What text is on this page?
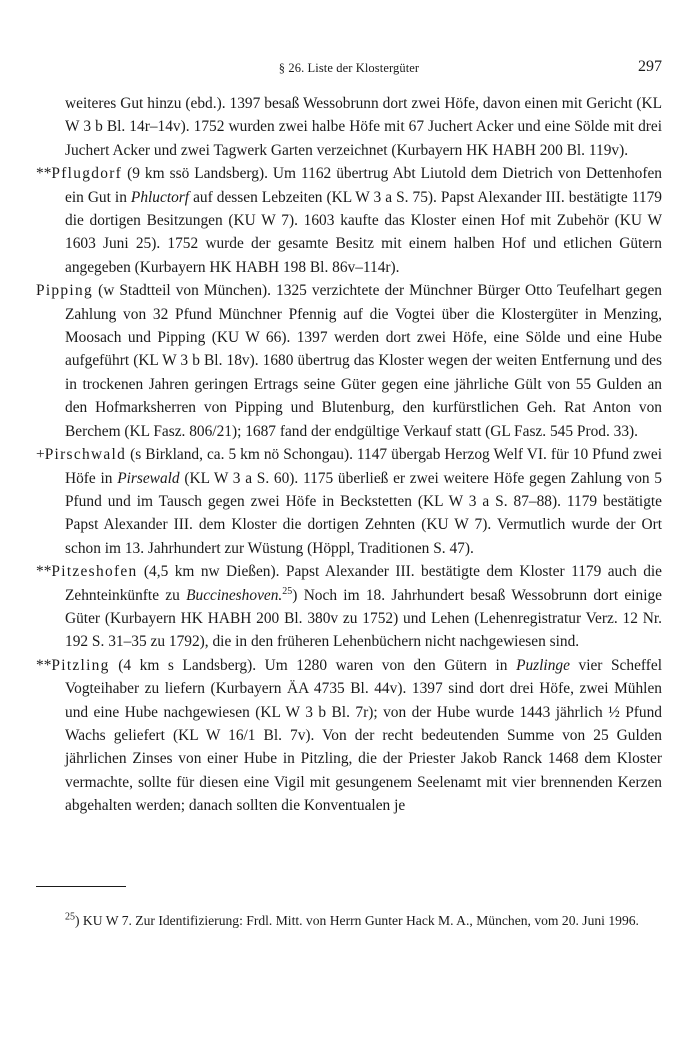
§ 26. Liste der Klostergüter	297

weiteres Gut hinzu (ebd.). 1397 besaß Wessobrunn dort zwei Höfe, davon einen mit Gericht (KL W 3 b Bl. 14r–14v). 1752 wurden zwei halbe Höfe mit 67 Juchert Acker und eine Sölde mit drei Juchert Acker und zwei Tagwerk Garten verzeichnet (Kurbayern HK HABH 200 Bl. 119v).

**Pflugdorf (9 km ssö Landsberg). Um 1162 übertrug Abt Liutold dem Dietrich von Dettenhofen ein Gut in Phluctorf auf dessen Lebzeiten (KL W 3 a S. 75). Papst Alexander III. bestätigte 1179 die dortigen Besitzungen (KU W 7). 1603 kaufte das Kloster einen Hof mit Zubehör (KU W 1603 Juni 25). 1752 wurde der gesamte Besitz mit einem halben Hof und etlichen Gütern angegeben (Kurbayern HK HABH 198 Bl. 86v–114r).

Pipping (w Stadtteil von München). 1325 verzichtete der Münchner Bürger Otto Teufelhart gegen Zahlung von 32 Pfund Münchner Pfennig auf die Vogtei über die Klostergüter in Menzing, Moosach und Pipping (KU W 66). 1397 werden dort zwei Höfe, eine Sölde und eine Hube aufgeführt (KL W 3 b Bl. 18v). 1680 übertrug das Kloster wegen der weiten Entfernung und des in trockenen Jahren geringen Ertrags seine Güter gegen eine jährliche Gült von 55 Gulden an den Hofmarksherren von Pipping und Blutenburg, den kurfürstlichen Geh. Rat Anton von Berchem (KL Fasz. 806/21); 1687 fand der endgültige Verkauf statt (GL Fasz. 545 Prod. 33).

+Pirschwald (s Birkland, ca. 5 km nö Schongau). 1147 übergab Herzog Welf VI. für 10 Pfund zwei Höfe in Pirsewald (KL W 3 a S. 60). 1175 überließ er zwei weitere Höfe gegen Zahlung von 5 Pfund und im Tausch gegen zwei Höfe in Beckstetten (KL W 3 a S. 87–88). 1179 bestätigte Papst Alexander III. dem Kloster die dortigen Zehnten (KU W 7). Vermutlich wurde der Ort schon im 13. Jahrhundert zur Wüstung (Höppl, Traditionen S. 47).

**Pitzeshofen (4,5 km nw Dießen). Papst Alexander III. bestätigte dem Kloster 1179 auch die Zehnteinkünfte zu Buccineshoven.$^{25}$) Noch im 18. Jahrhundert besaß Wessobrunn dort einige Güter (Kurbayern HK HABH 200 Bl. 380v zu 1752) und Lehen (Lehenregistratur Verz. 12 Nr. 192 S. 31–35 zu 1792), die in den früheren Lehenbüchern nicht nachgewiesen sind.

**Pitzling (4 km s Landsberg). Um 1280 waren von den Gütern in Puzlinge vier Scheffel Vogteihaber zu liefern (Kurbayern ÄA 4735 Bl. 44v). 1397 sind dort drei Höfe, zwei Mühlen und eine Hube nachgewiesen (KL W 3 b Bl. 7r); von der Hube wurde 1443 jährlich ½ Pfund Wachs geliefert (KL W 16/1 Bl. 7v). Von der recht bedeutenden Summe von 25 Gulden jährlichen Zinses von einer Hube in Pitzling, die der Priester Jakob Ranck 1468 dem Kloster vermachte, sollte für diesen eine Vigil mit gesungenem Seelenamt mit vier brennenden Kerzen abgehalten werden; danach sollten die Konventualen je

$^{25}$) KU W 7. Zur Identifizierung: Frdl. Mitt. von Herrn Gunter Hack M. A., München, vom 20. Juni 1996.
